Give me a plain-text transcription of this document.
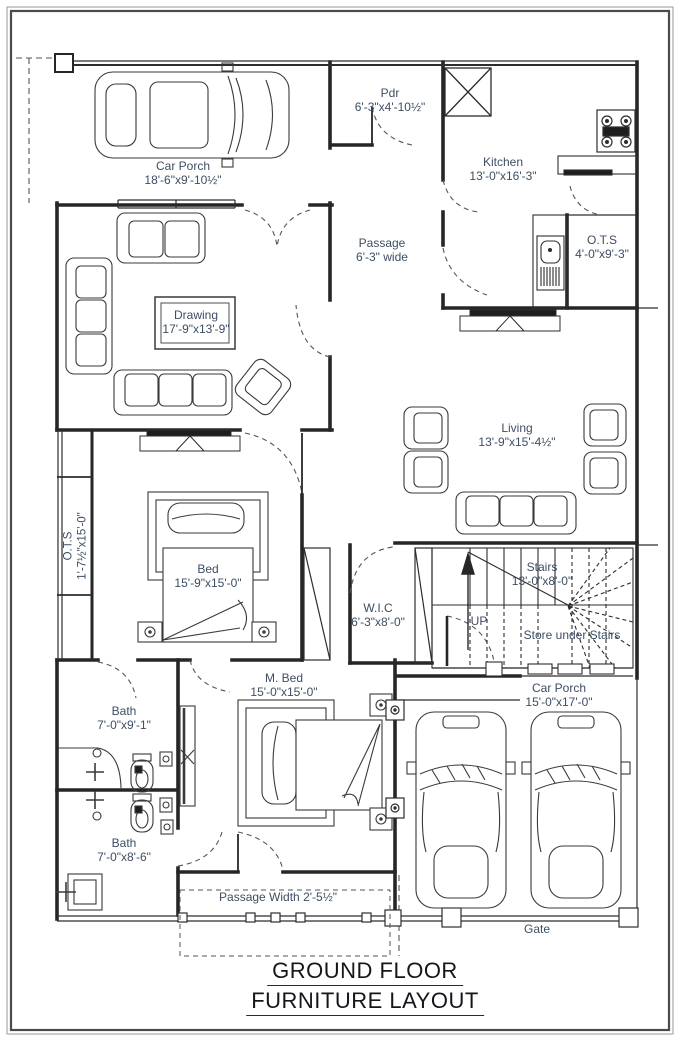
Car Porch
18'-6"x9'-10½"
Pdr
6'-3"x4'-10½"
Kitchen
13'-0"x16'-3"
O.T.S
4'-0"x9'-3"
Passage
6'-3" wide
Drawing
17'-9"x13'-9"
Living
13'-9"x15'-4½"
O.T.S 1'-7½"x15'-0"	Bed
15'-9"x15'-0"
W.I.C
6'-3"x8'-0"
Stairs
13'-0"x8'-0"
Bath
7'-0"x9'-1"
M. Bed
15'-0"x15'-0"
Bath
7'-0"x8'-6"
Car Porch
15'-0"x17'-0"
UP
Store under Stairs
Passage Width 2'-5½"
Gate
GROUND FLOOR
FURNITURE LAYOUT
